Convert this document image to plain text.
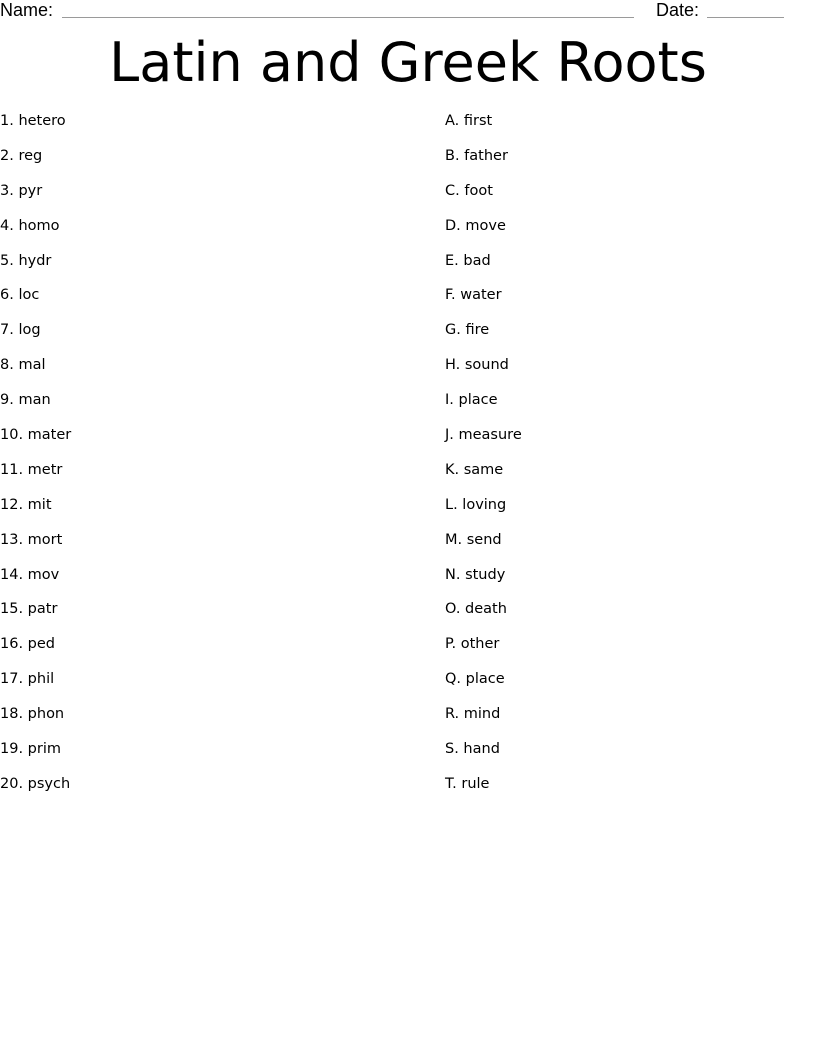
Name:	Date:
Latin and Greek Roots
1. hetero
2. reg
3. pyr
4. homo
5. hydr
6. loc
7. log
8. mal
9. man
10. mater
11. metr
12. mit
13. mort
14. mov
15. patr
16. ped
17. phil
18. phon
19. prim
20. psych
A. first
B. father
C. foot
D. move
E. bad
F. water
G. fire
H. sound
I. place
J. measure
K. same
L. loving
M. send
N. study
O. death
P. other
Q. place
R. mind
S. hand
T. rule
